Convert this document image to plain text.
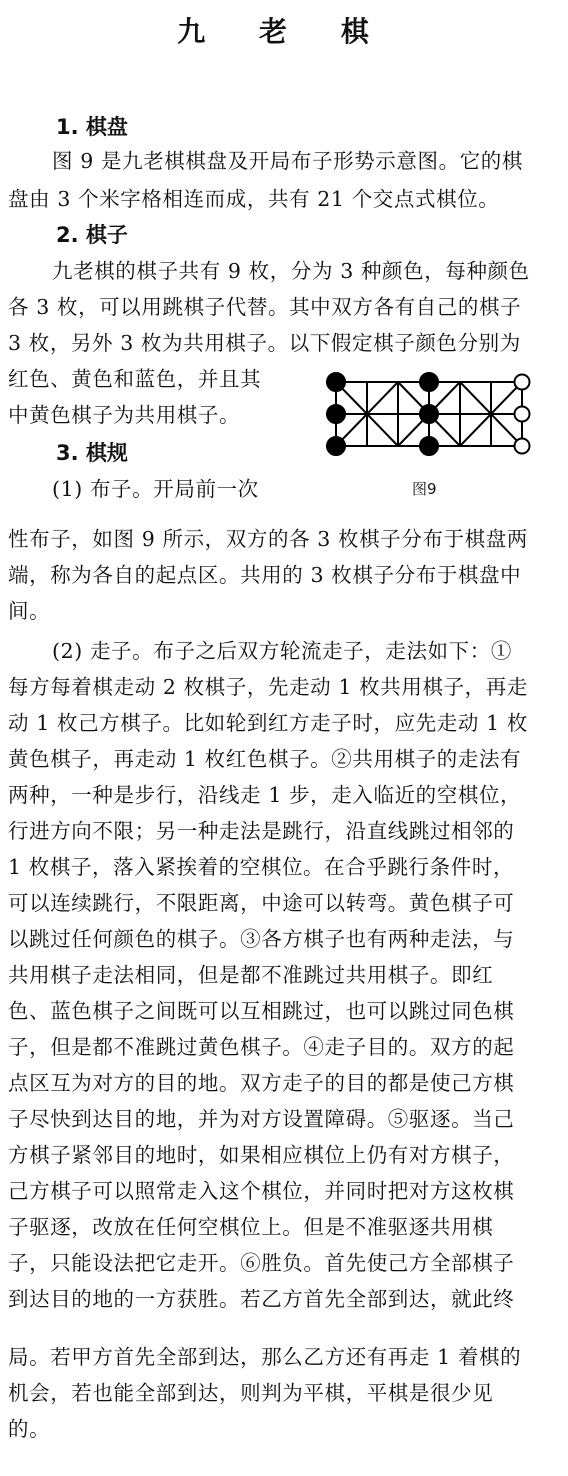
九 老 棋
1. 棋盘
图 9 是九老棋棋盘及开局布子形势示意图。它的棋
盘由 3 个米字格相连而成，共有 21 个交点式棋位。
2. 棋子
九老棋的棋子共有 9 枚，分为 3 种颜色，每种颜色
各 3 枚，可以用跳棋子代替。其中双方各有自己的棋子
3 枚，另外 3 枚为共用棋子。以下假定棋子颜色分别为
红色、黄色和蓝色，并且其
中黄色棋子为共用棋子。
3. 棋规
(1) 布子。开局前一次	图9
性布子，如图 9 所示，双方的各 3 枚棋子分布于棋盘两
端，称为各自的起点区。共用的 3 枚棋子分布于棋盘中
间。
(2) 走子。布子之后双方轮流走子，走法如下：①
每方每着棋走动 2 枚棋子，先走动 1 枚共用棋子，再走
动 1 枚己方棋子。比如轮到红方走子时，应先走动 1 枚
黄色棋子，再走动 1 枚红色棋子。②共用棋子的走法有
两种，一种是步行，沿线走 1 步，走入临近的空棋位，
行进方向不限；另一种走法是跳行，沿直线跳过相邻的
1 枚棋子，落入紧挨着的空棋位。在合乎跳行条件时，
可以连续跳行，不限距离，中途可以转弯。黄色棋子可
以跳过任何颜色的棋子。③各方棋子也有两种走法，与
共用棋子走法相同，但是都不准跳过共用棋子。即红
色、蓝色棋子之间既可以互相跳过，也可以跳过同色棋
子，但是都不准跳过黄色棋子。④走子目的。双方的起
点区互为对方的目的地。双方走子的目的都是使己方棋
子尽快到达目的地，并为对方设置障碍。⑤驱逐。当己
方棋子紧邻目的地时，如果相应棋位上仍有对方棋子，
己方棋子可以照常走入这个棋位，并同时把对方这枚棋
子驱逐，改放在任何空棋位上。但是不准驱逐共用棋
子，只能设法把它走开。⑥胜负。首先使己方全部棋子
到达目的地的一方获胜。若乙方首先全部到达，就此终
局。若甲方首先全部到达，那么乙方还有再走 1 着棋的
机会，若也能全部到达，则判为平棋，平棋是很少见
的。
